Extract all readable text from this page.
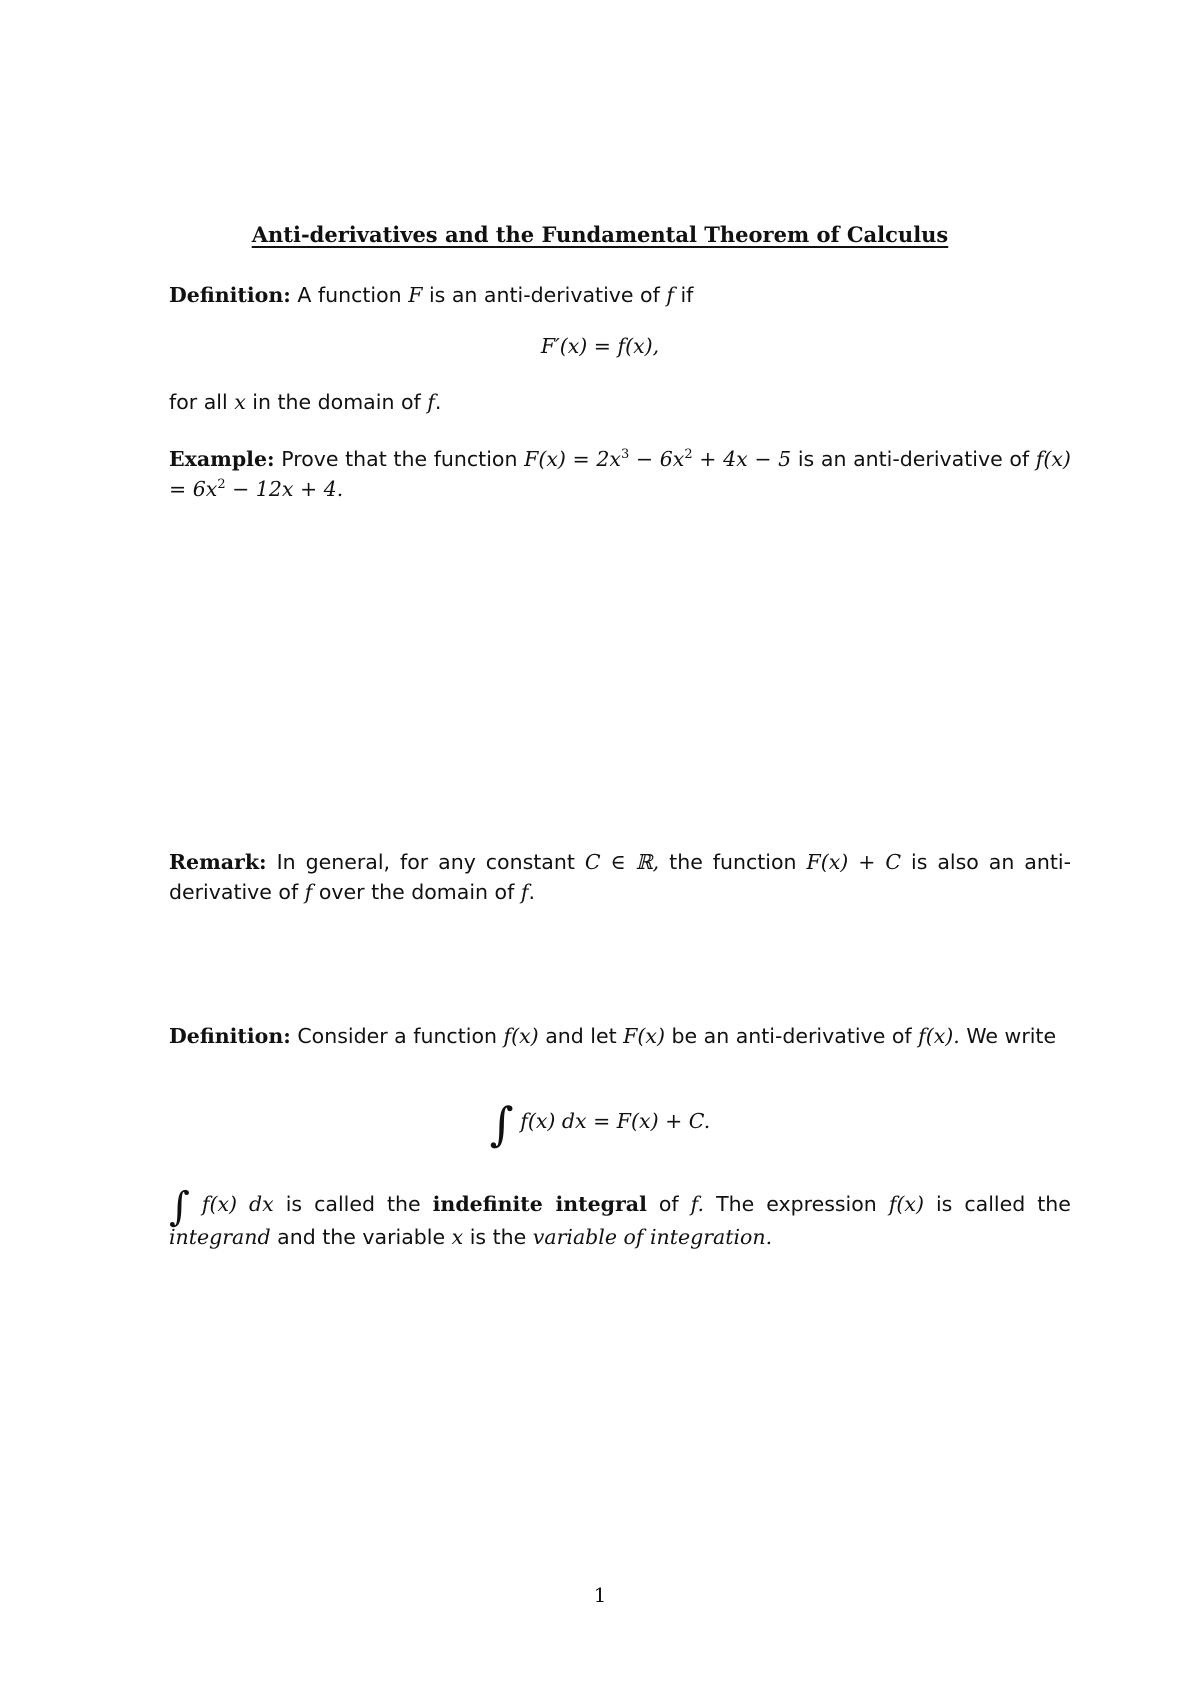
Anti-derivatives and the Fundamental Theorem of Calculus
Definition: A function F is an anti-derivative of f if
F′(x) = f(x),
for all x in the domain of f.
Example: Prove that the function $F(x) = 2x^3 - 6x^2 + 4x - 5$ is an anti-derivative of $f(x) = 6x^2 - 12x + 4$.
Remark: In general, for any constant C ∈ ℝ, the function F(x) + C is also an anti- derivative of f over the domain of f.
Definition: Consider a function f(x) and let F(x) be an anti-derivative of f(x). We write
∫ f(x) dx = F(x) + C.
∫ f(x) dx is called the indefinite integral of f. The expression f(x) is called the integrand and the variable x is the variable of integration.
1
